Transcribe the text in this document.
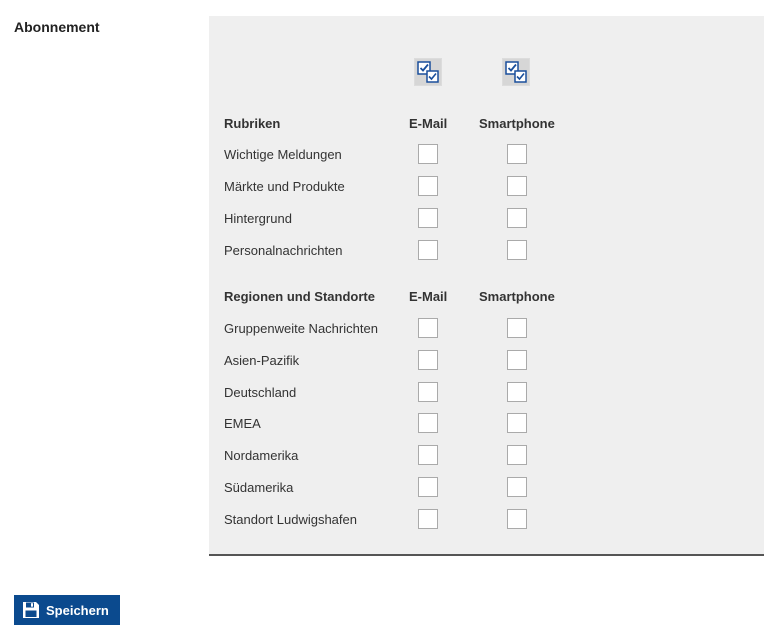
Abonnement
Rubriken	E-Mail Smartphone
Wichtige Meldungen
Märkte und Produkte
Hintergrund
Personalnachrichten
Regionen und Standorte	E-Mail Smartphone
Gruppenweite Nachrichten
Asien-Pazifik
Deutschland
EMEA
Nordamerika
Südamerika
Standort Ludwigshafen
Speichern
